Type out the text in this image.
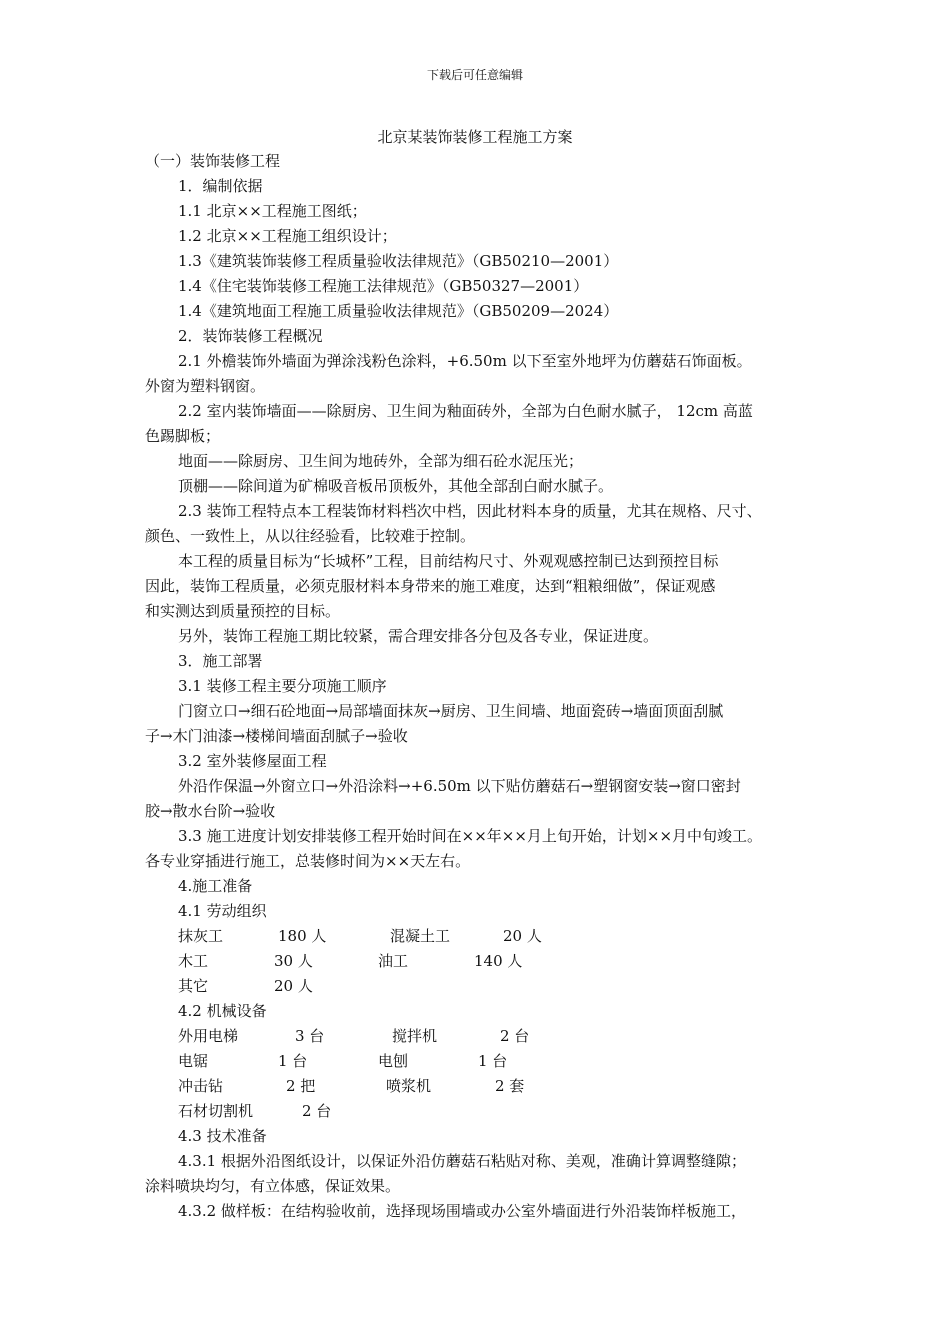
下载后可任意编辑
北京某装饰装修工程施工方案
（一）装饰装修工程
1．编制依据
1.1 北京××工程施工图纸；
1.2 北京××工程施工组织设计；
1.3《建筑装饰装修工程质量验收法律规范》（GB50210—2001）
1.4《住宅装饰装修工程施工法律规范》（GB50327—2001）
1.4《建筑地面工程施工质量验收法律规范》（GB50209—2024）
2．装饰装修工程概况
2.1 外檐装饰外墙面为弹涂浅粉色涂料，+6.50m 以下至室外地坪为仿蘑菇石饰面板。
外窗为塑料钢窗。
2.2 室内装饰墙面——除厨房、卫生间为釉面砖外，全部为白色耐水腻子， 12cm 高蓝
色踢脚板；
地面——除厨房、卫生间为地砖外，全部为细石砼水泥压光；
顶棚——除间道为矿棉吸音板吊顶板外，其他全部刮白耐水腻子。
2.3 装饰工程特点本工程装饰材料档次中档，因此材料本身的质量，尤其在规格、尺寸、
颜色、一致性上，从以往经验看，比较难于控制。
本工程的质量目标为“长城杯”工程，目前结构尺寸、外观观感控制已达到预控目标
因此，装饰工程质量，必须克服材料本身带来的施工难度，达到“粗粮细做”，保证观感
和实测达到质量预控的目标。
另外，装饰工程施工期比较紧，需合理安排各分包及各专业，保证进度。
3．施工部署
3.1 装修工程主要分项施工顺序
门窗立口→细石砼地面→局部墙面抹灰→厨房、卫生间墙、地面瓷砖→墙面顶面刮腻
子→木门油漆→楼梯间墙面刮腻子→验收
3.2 室外装修屋面工程
外沿作保温→外窗立口→外沿涂料→+6.50m 以下贴仿蘑菇石→塑钢窗安装→窗口密封
胶→散水台阶→验收
3.3 施工进度计划安排装修工程开始时间在××年××月上旬开始，计划××月中旬竣工。
各专业穿插进行施工，总装修时间为××天左右。
4.施工准备
4.1 劳动组织
抹灰工	180 人	混凝土工	20 人
木工	30 人	油工	140 人
其它	20 人
4.2 机械设备
外用电梯	3 台	搅拌机	2 台
电锯	1 台	电刨	1 台
冲击钻	2 把	喷浆机	2 套
石材切割机	2 台
4.3 技术准备
4.3.1 根据外沿图纸设计，以保证外沿仿蘑菇石粘贴对称、美观，准确计算调整缝隙；
涂料喷块均匀，有立体感，保证效果。
4.3.2 做样板：在结构验收前，选择现场围墙或办公室外墙面进行外沿装饰样板施工，
